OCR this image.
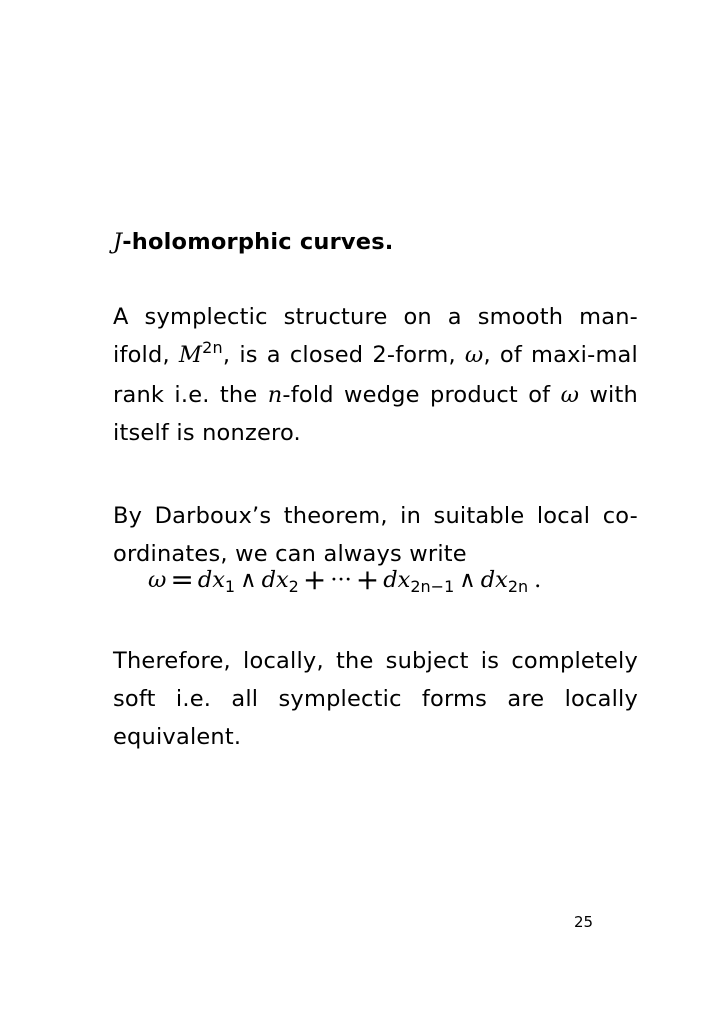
J-holomorphic curves.
A symplectic structure on a smooth man-ifold, $M^{2n}$, is a closed 2-form, ω, of maxi-mal rank i.e. the n-fold wedge product of ω with itself is nonzero.
By Darboux’s theorem, in suitable local co-ordinates, we can always write
$\omega = dx_1$ ∧ $dx_2$ + ··· + $dx_{2n-1}$ ∧ $dx_{2n}$ .
Therefore, locally, the subject is completely soft i.e. all symplectic forms are locally equivalent.
25
